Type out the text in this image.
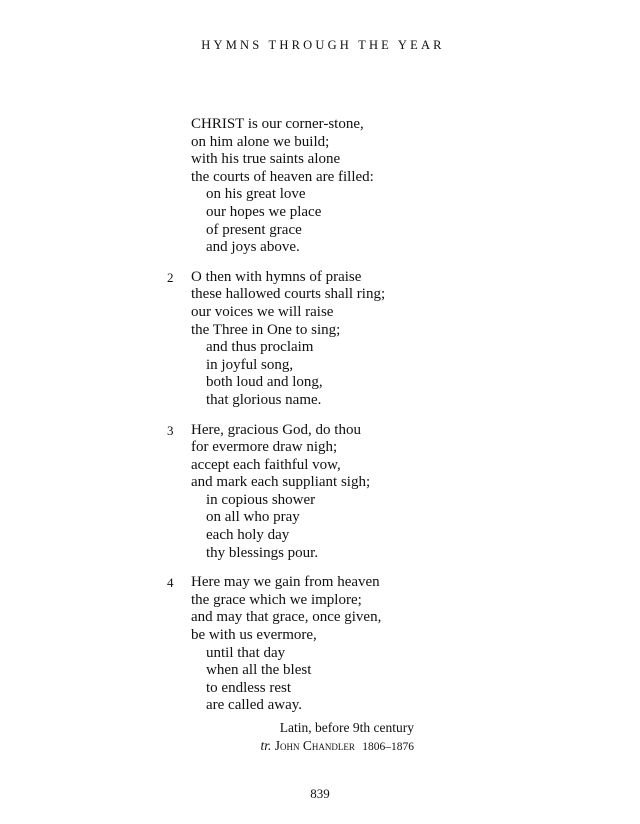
HYMNS THROUGH THE YEAR
CHRIST is our corner-stone,
on him alone we build;
with his true saints alone
the courts of heaven are filled:
on his great love
our hopes we place
of present grace
and joys above.
2 O then with hymns of praise
these hallowed courts shall ring;
our voices we will raise
the Three in One to sing;
and thus proclaim
in joyful song,
both loud and long,
that glorious name.
3 Here, gracious God, do thou
for evermore draw nigh;
accept each faithful vow,
and mark each suppliant sigh;
in copious shower
on all who pray
each holy day
thy blessings pour.
4 Here may we gain from heaven
the grace which we implore;
and may that grace, once given,
be with us evermore,
until that day
when all the blest
to endless rest
are called away.
Latin, before 9th century
tr. John Chandler 1806–1876
839
